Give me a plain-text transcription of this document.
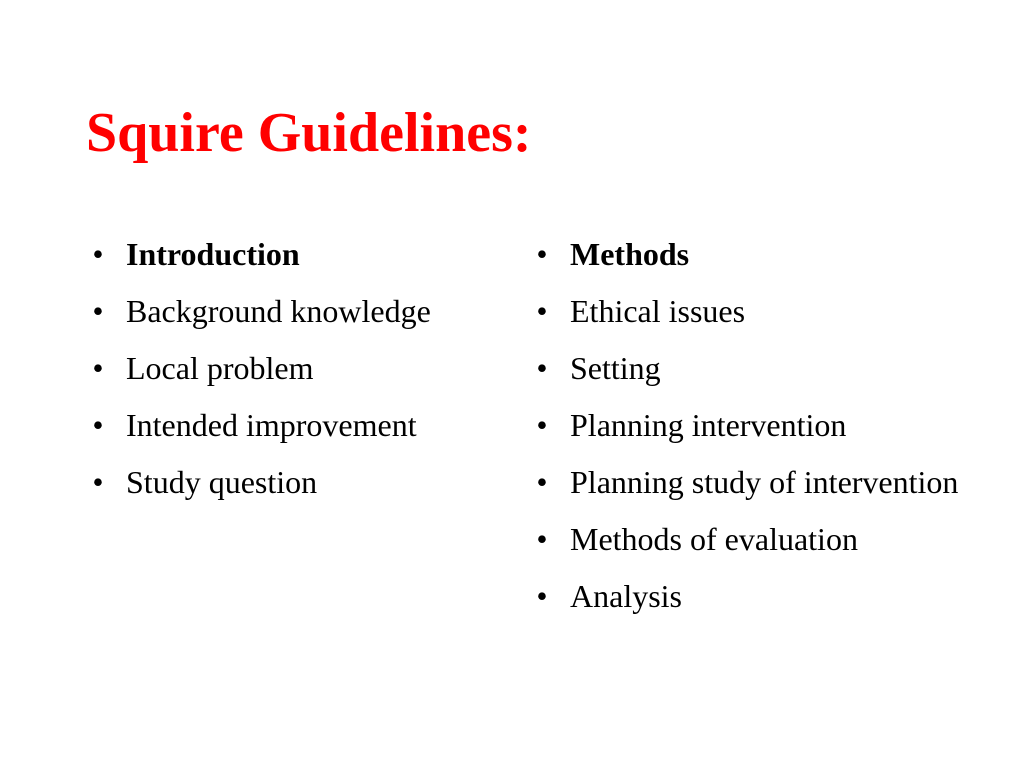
Squire Guidelines:
• Introduction
• Background knowledge
• Local problem
• Intended improvement
• Study question
• Methods
• Ethical issues
• Setting
• Planning intervention
• Planning study of intervention
• Methods of evaluation
• Analysis
